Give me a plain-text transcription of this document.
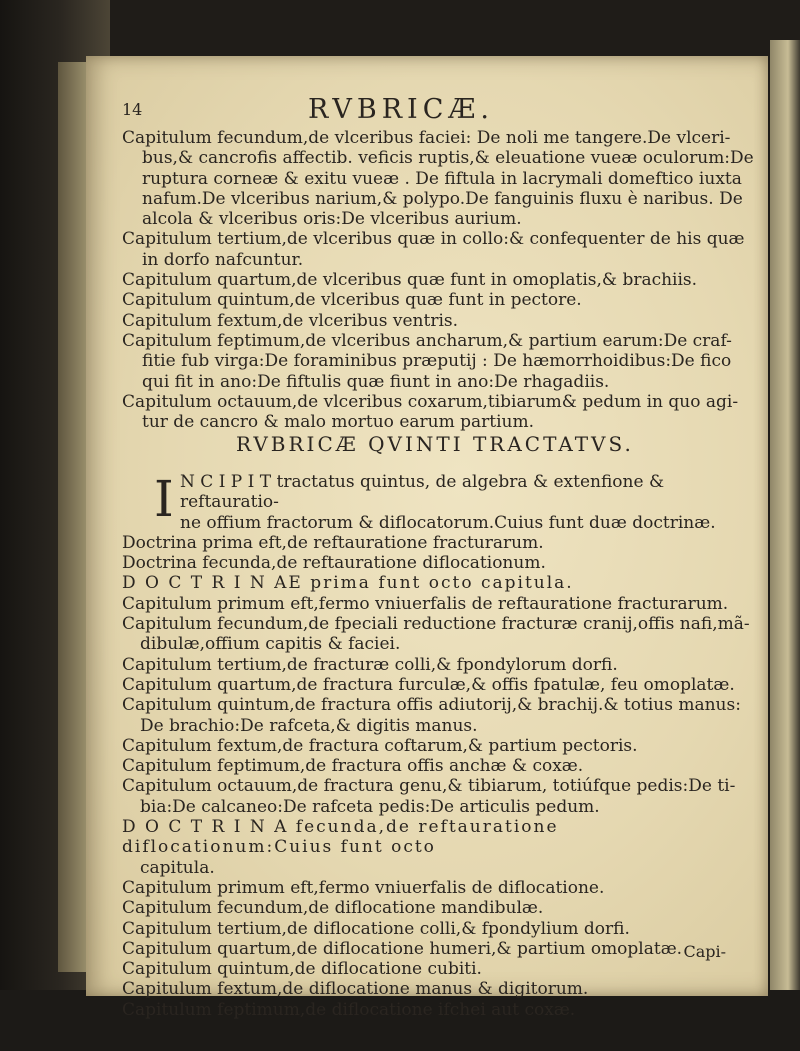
14	RVBRICÆ.

Capitulum fecundum,de vlceribus faciei: De noli me tangere.De vlceri-

bus,& cancrofis affectib. veficis ruptis,& eleuatione vueæ oculorum:De

ruptura corneæ & exitu vueæ . De fiftula in lacrymali domeftico iuxta

nafum.De vlceribus narium,& polypo.De fanguinis fluxu è naribus. De

alcola & vlceribus oris:De vlceribus aurium.

Capitulum tertium,de vlceribus quæ in collo:& confequenter de his quæ

in dorfo nafcuntur.

Capitulum quartum,de vlceribus quæ funt in omoplatis,& brachiis.

Capitulum quintum,de vlceribus quæ funt in pectore.

Capitulum fextum,de vlceribus ventris.

Capitulum feptimum,de vlceribus ancharum,& partium earum:De craf-

fitie fub virga:De foraminibus præputij : De hæmorrhoidibus:De fico

qui fit in ano:De fiftulis quæ fiunt in ano:De rhagadiis.

Capitulum octauum,de vlceribus coxarum,tibiarum& pedum in quo agi-

tur de cancro & malo mortuo earum partium.

RVBRICÆ QVINTI TRACTATVS.
I N C I P I T tractatus quintus, de algebra & extenfione & reftauratio-

ne offium fractorum & diflocatorum.Cuius funt duæ doctrinæ.

Doctrina prima eft,de reftauratione fracturarum.

Doctrina fecunda,de reftauratione diflocationum.

D O C T R I N AE prima funt octo capitula.

Capitulum primum eft,fermo vniuerfalis de reftauratione fracturarum.

Capitulum fecundum,de fpeciali reductione fracturæ cranij,offis nafi,mã-

dibulæ,offium capitis & faciei.

Capitulum tertium,de fracturæ colli,& fpondylorum dorfi.

Capitulum quartum,de fractura furculæ,& offis fpatulæ, feu omoplatæ.

Capitulum quintum,de fractura offis adiutorij,& brachij.& totius manus:

De brachio:De rafceta,& digitis manus.

Capitulum fextum,de fractura coftarum,& partium pectoris.

Capitulum feptimum,de fractura offis anchæ & coxæ.

Capitulum octauum,de fractura genu,& tibiarum, totiúfque pedis:De ti-

bia:De calcaneo:De rafceta pedis:De articulis pedum.

D O C T R I N A fecunda,de reftauratione diflocationum:Cuius funt octo

capitula.

Capitulum primum eft,fermo vniuerfalis de diflocatione.

Capitulum fecundum,de diflocatione mandibulæ.

Capitulum tertium,de diflocatione colli,& fpondylium dorfi.

Capitulum quartum,de diflocatione humeri,& partium omoplatæ.

Capitulum quintum,de diflocatione cubiti.

Capitulum fextum,de diflocatione manus & digitorum.

Capitulum feptimum,de diflocatione ifchei aut coxæ.

Capi-
